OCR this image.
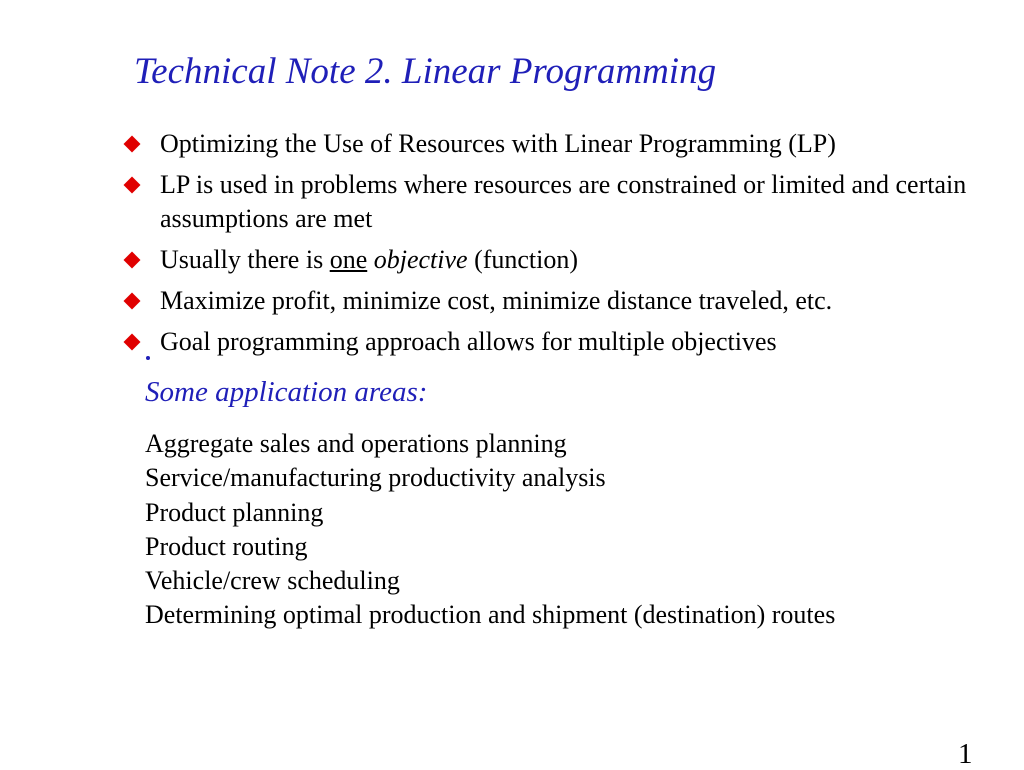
Technical Note 2. Linear Programming
Optimizing the Use of Resources with Linear Programming (LP)
LP is used in problems where resources are constrained or limited and certain assumptions are met
Usually there is one objective (function)
Maximize profit, minimize cost, minimize distance traveled, etc.
Goal programming approach allows for multiple objectives
Some application areas:
Aggregate sales and operations planning
Service/manufacturing productivity analysis
Product planning
Product routing
Vehicle/crew scheduling
Determining optimal production and shipment (destination) routes
1
